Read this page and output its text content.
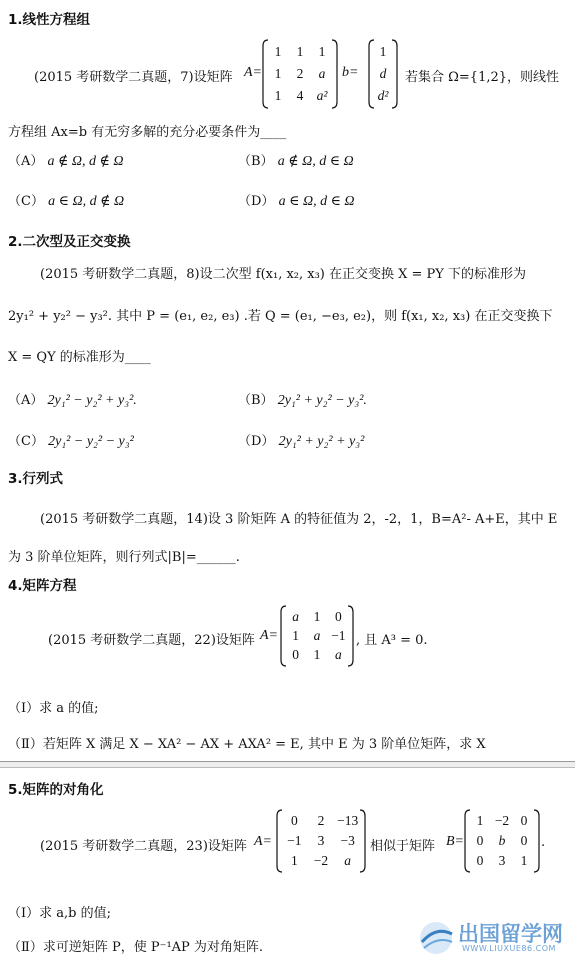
1.线性方程组
(2015 考研数学二真题，7)设矩阵 A=
1	1	1
1	2	a
1	4 a²
b=
1
d
d²
若集合 Ω={1,2}，则线性
方程组 Ax=b 有无穷多解的充分必要条件为____
（A） a ∉ Ω, d ∉ Ω	（B） a ∉ Ω, d ∈ Ω
（C） a ∈ Ω, d ∉ Ω	（D） a ∈ Ω, d ∈ Ω
2.二次型及正交变换
(2015 考研数学二真题，8)设二次型 f(x₁, x₂, x₃) 在正交变换 X = PY 下的标准形为
2y₁² + y₂² − y₃². 其中 P = (e₁, e₂, e₃) .若 Q = (e₁, −e₃, e₂)，则 f(x₁, x₂, x₃) 在正交变换下
X = QY 的标准形为____
（A） 2y₁² − y₂² + y₃².	（B） 2y₁² + y₂² − y₃².
（C） 2y₁² − y₂² − y₃²	（D） 2y₁² + y₂² + y₃²
3.行列式
(2015 考研数学二真题，14)设 3 阶矩阵 A 的特征值为 2，-2，1，B=A²- A+E，其中 E
为 3 阶单位矩阵，则行列式|B|=______.
4.矩阵方程
(2015 考研数学二真题，22)设矩阵 A=
a	1	0
1	a −1
0	1	a
, 且 A³ = 0.
（Ⅰ）求 a 的值;
（Ⅱ）若矩阵 X 满足 X − XA² − AX + AXA² = E, 其中 E 为 3 阶单位矩阵，求 X
5.矩阵的对角化
(2015 考研数学二真题，23)设矩阵 A=
0	2 −13
−1	3	−3
1	−2	a
相似于矩阵 B=
1 −2 0
0	b	0
0	3	1
.
（Ⅰ）求 a,b 的值;
（Ⅱ）求可逆矩阵 P，使 P⁻¹AP 为对角矩阵.
出国留学网
WWW.LIUXUE86.COM
